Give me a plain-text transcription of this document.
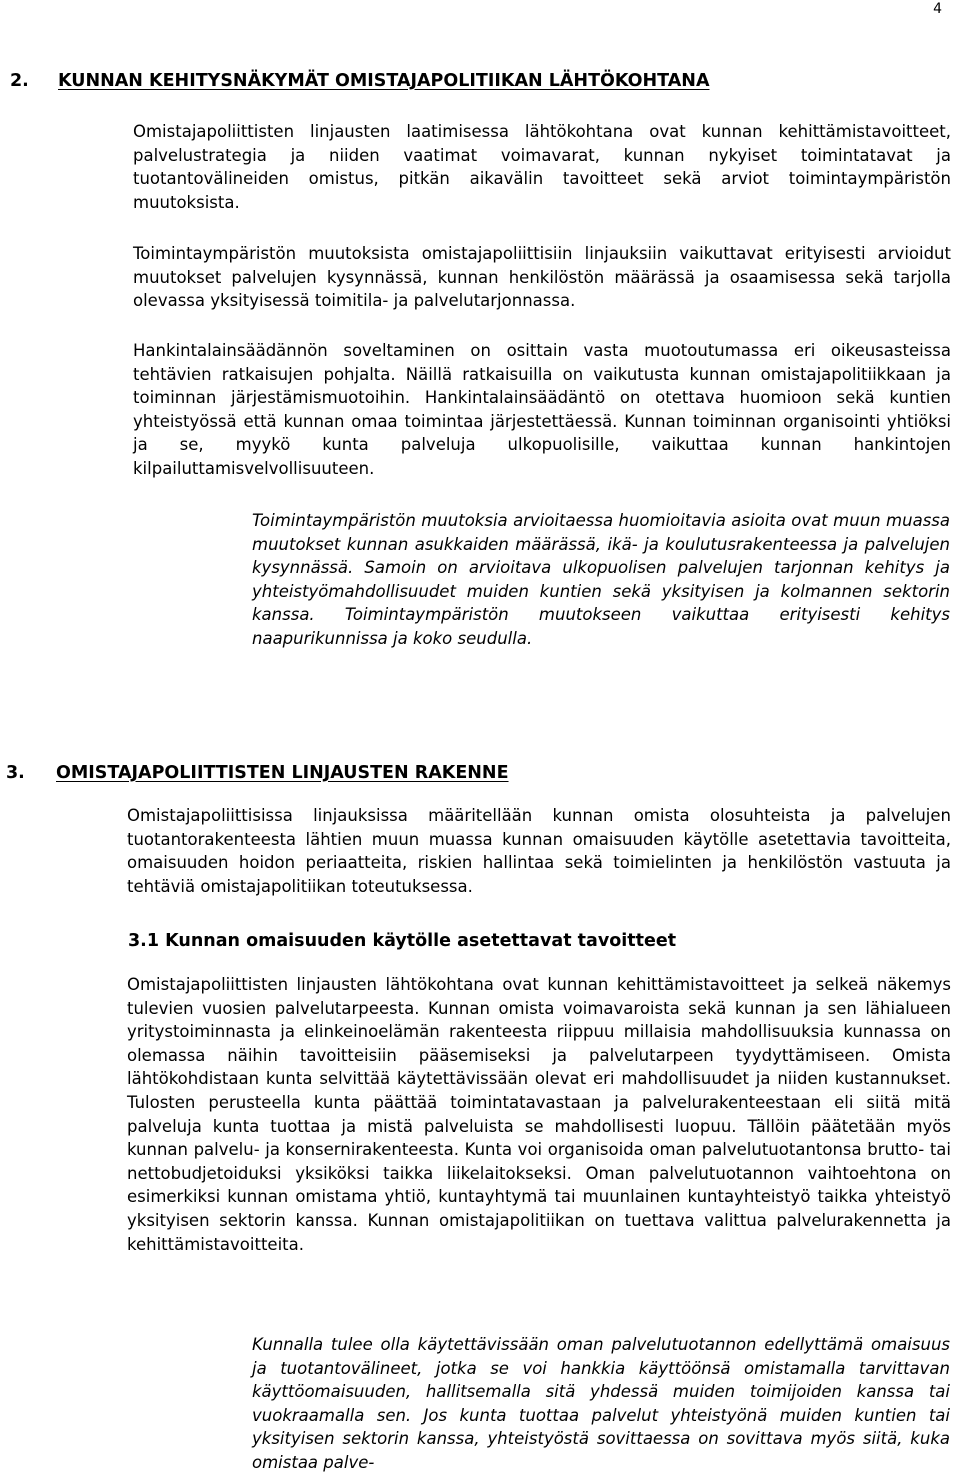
4
2. KUNNAN KEHITYSNÄKYMÄT OMISTAJAPOLITIIKAN LÄHTÖKOHTANA

Omistajapoliittisten linjausten laatimisessa lähtökohtana ovat kunnan kehittämistavoitteet, palvelustrategia ja niiden vaatimat voimavarat, kunnan nykyiset toimintatavat ja tuotantovälineiden omistus, pitkän aikavälin tavoitteet sekä arviot toimintaympäristön muutoksista.

Toimintaympäristön muutoksista omistajapoliittisiin linjauksiin vaikuttavat erityisesti arvioidut muutokset palvelujen kysynnässä, kunnan henkilöstön määrässä ja osaamisessa sekä tarjolla olevassa yksityisessä toimitila- ja palvelutarjonnassa.

Hankintalainsäädännön soveltaminen on osittain vasta muotoutumassa eri oikeusasteissa tehtävien ratkaisujen pohjalta. Näillä ratkaisuilla on vaikutusta kunnan omistajapolitiikkaan ja toiminnan järjestämismuotoihin. Hankintalainsäädäntö on otettava huomioon sekä kuntien yhteistyössä että kunnan omaa toimintaa järjestettäessä. Kunnan toiminnan organisointi yhtiöksi ja se, myykö kunta palveluja ulkopuolisille, vaikuttaa kunnan hankintojen kilpailuttamisvelvollisuuteen.

Toimintaympäristön muutoksia arvioitaessa huomioitavia asioita ovat muun muassa muutokset kunnan asukkaiden määrässä, ikä- ja koulutusrakenteessa ja palvelujen kysynnässä. Samoin on arvioitava ulkopuolisen palvelujen tarjonnan kehitys ja yhteistyömahdollisuudet muiden kuntien sekä yksityisen ja kolmannen sektorin kanssa. Toimintaympäristön muutokseen vaikuttaa erityisesti kehitys naapurikunnissa ja koko seudulla.

3. OMISTAJAPOLIITTISTEN LINJAUSTEN RAKENNE

Omistajapoliittisissa linjauksissa määritellään kunnan omista olosuhteista ja palvelujen tuotantorakenteesta lähtien muun muassa kunnan omaisuuden käytölle asetettavia tavoitteita, omaisuuden hoidon periaatteita, riskien hallintaa sekä toimielinten ja henkilöstön vastuuta ja tehtäviä omistajapolitiikan toteutuksessa.

3.1 Kunnan omaisuuden käytölle asetettavat tavoitteet

Omistajapoliittisten linjausten lähtökohtana ovat kunnan kehittämistavoitteet ja selkeä näkemys tulevien vuosien palvelutarpeesta. Kunnan omista voimavaroista sekä kunnan ja sen lähialueen yritystoiminnasta ja elinkeinoelämän rakenteesta riippuu millaisia mahdollisuuksia kunnassa on olemassa näihin tavoitteisiin pääsemiseksi ja palvelutarpeen tyydyttämiseen. Omista lähtökohdistaan kunta selvittää käytettävissään olevat eri mahdollisuudet ja niiden kustannukset. Tulosten perusteella kunta päättää toimintatavastaan ja palvelurakenteestaan eli siitä mitä palveluja kunta tuottaa ja mistä palveluista se mahdollisesti luopuu. Tällöin päätetään myös kunnan palvelu- ja konsernirakenteesta. Kunta voi organisoida oman palvelutuotantonsa brutto- tai nettobudjetoiduksi yksiköksi taikka liikelaitokseksi. Oman palvelutuotannon vaihtoehtona on esimerkiksi kunnan omistama yhtiö, kuntayhtymä tai muunlainen kuntayhteistyö taikka yhteistyö yksityisen sektorin kanssa. Kunnan omistajapolitiikan on tuettava valittua palvelurakennetta ja kehittämistavoitteita.

Kunnalla tulee olla käytettävissään oman palvelutuotannon edellyttämä omaisuus ja tuotantovälineet, jotka se voi hankkia käyttöönsä omistamalla tarvittavan käyttöomaisuuden, hallitsemalla sitä yhdessä muiden toimijoiden kanssa tai vuokraamalla sen. Jos kunta tuottaa palvelut yhteistyönä muiden kuntien tai yksityisen sektorin kanssa, yhteistyöstä sovittaessa on sovittava myös siitä, kuka omistaa palve-
